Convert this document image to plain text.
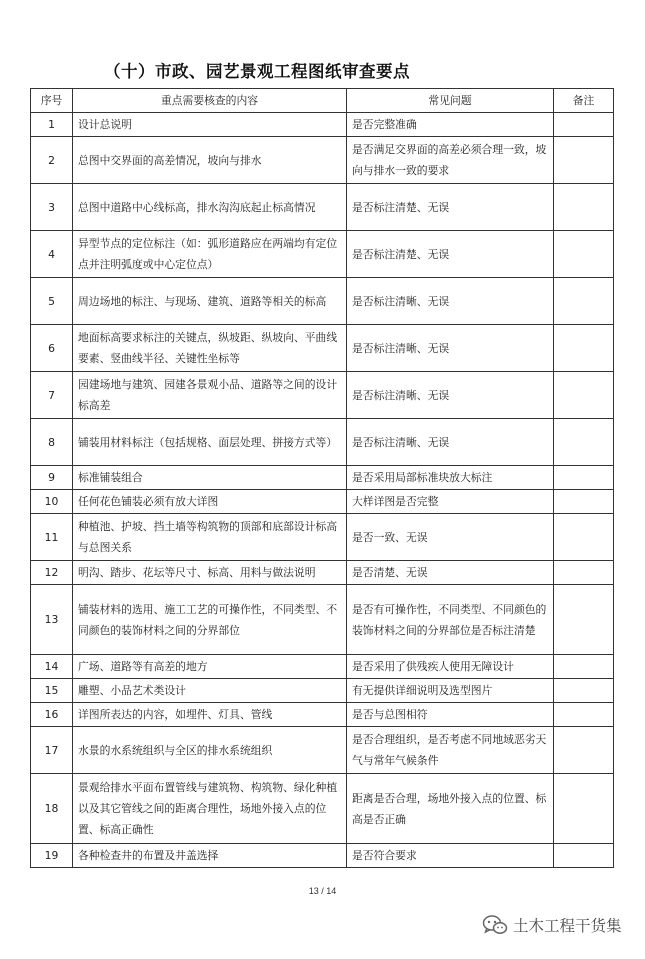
（十）市政、园艺景观工程图纸审查要点
序号	重点需要核查的内容	常见问题	备注
1	设计总说明	是否完整准确	
2	总图中交界面的高差情况，坡向与排水	是否满足交界面的高差必须合理一致，坡向与排水一致的要求	
3	总图中道路中心线标高，排水沟沟底起止标高情况	是否标注清楚、无误	
4	异型节点的定位标注（如：弧形道路应在两端均有定位点并注明弧度或中心定位点）	是否标注清楚、无误	
5	周边场地的标注、与现场、建筑、道路等相关的标高	是否标注清晰、无误	
6	地面标高要求标注的关键点，纵坡距、纵坡向、平曲线要素、竖曲线半径、关键性坐标等	是否标注清晰、无误	
7	园建场地与建筑、园建各景观小品、道路等之间的设计标高差	是否标注清晰、无误	
8	铺装用材料标注（包括规格、面层处理、拼接方式等）	是否标注清晰、无误	
9	标准铺装组合	是否采用局部标准块放大标注	
10	任何花色铺装必须有放大详图	大样详图是否完整	
11	种植池、护坡、挡土墙等构筑物的顶部和底部设计标高与总图关系	是否一致、无误	
12	明沟、踏步、花坛等尺寸、标高、用料与做法说明	是否清楚、无误	
13	铺装材料的选用、施工工艺的可操作性，不同类型、不同颜色的装饰材料之间的分界部位	是否有可操作性，不同类型、不同颜色的装饰材料之间的分界部位是否标注清楚	
14	广场、道路等有高差的地方	是否采用了供残疾人使用无障设计	
15	雕塑、小品艺术类设计	有无提供详细说明及选型图片	
16	详图所表达的内容，如埋件、灯具、管线	是否与总图相符	
17	水景的水系统组织与全区的排水系统组织	是否合理组织，是否考虑不同地域恶劣天气与常年气候条件	
18	景观给排水平面布置管线与建筑物、构筑物、绿化种植以及其它管线之间的距离合理性，场地外接入点的位置、标高正确性	距离是否合理，场地外接入点的位置、标高是否正确	
19	各种检查井的布置及井盖选择	是否符合要求	
13 / 14
土木工程干货集
